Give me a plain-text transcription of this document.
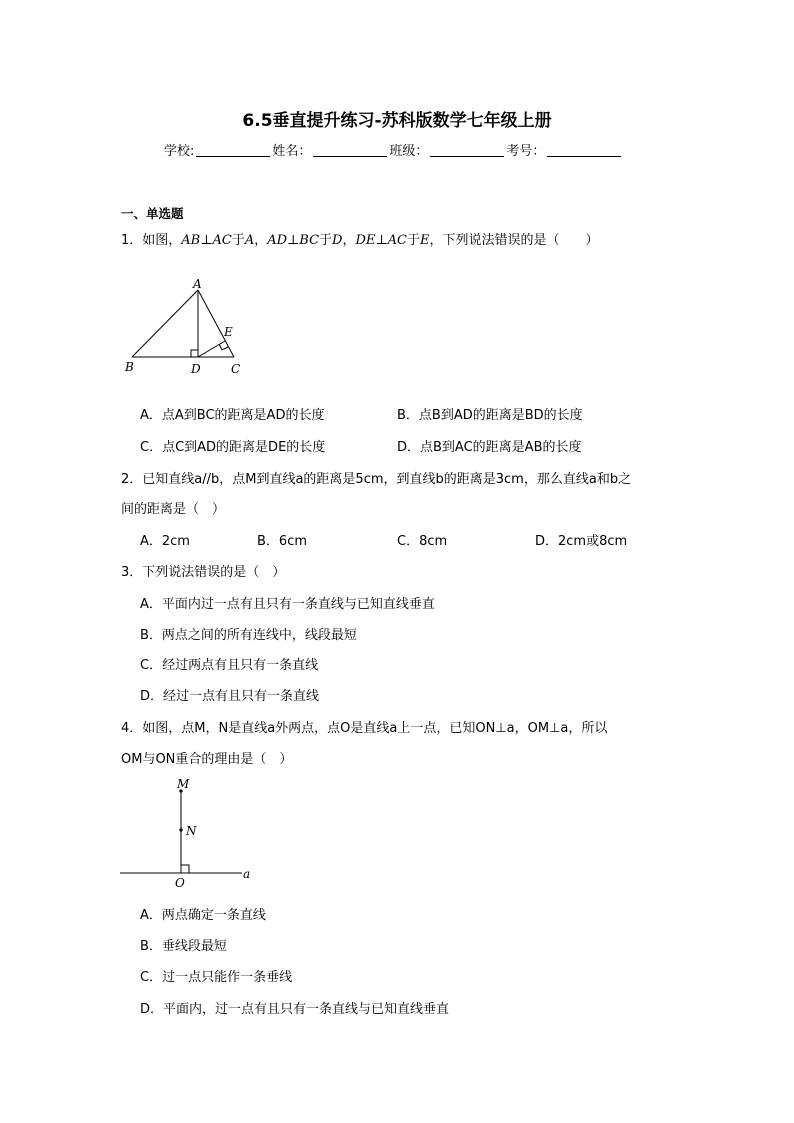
6.5垂直提升练习-苏科版数学七年级上册
学校:	姓名：	班级：	考号：
一、单选题
1．如图，AB⊥AC于A，AD⊥BC于D，DE⊥AC于E，下列说法错误的是（　　）
A
E
B	D	C
A．点A到BC的距离是AD的长度	B．点B到AD的距离是BD的长度
C．点C到AD的距离是DE的长度	D．点B到AC的距离是AB的长度
2．已知直线a//b，点M到直线a的距离是5cm，到直线b的距离是3cm，那么直线a和b之
间的距离是（　）
A．2cm	B．6cm	C．8cm	D．2cm或8cm
3．下列说法错误的是（　）
A．平面内过一点有且只有一条直线与已知直线垂直
B．两点之间的所有连线中，线段最短
C．经过两点有且只有一条直线
D．经过一点有且只有一条直线
4．如图，点M，N是直线a外两点，点O是直线a上一点，已知ON⊥a，OM⊥a，所以
OM与ON重合的理由是（　）
M
N
O
a
A．两点确定一条直线
B．垂线段最短
C．过一点只能作一条垂线
D．平面内，过一点有且只有一条直线与已知直线垂直
